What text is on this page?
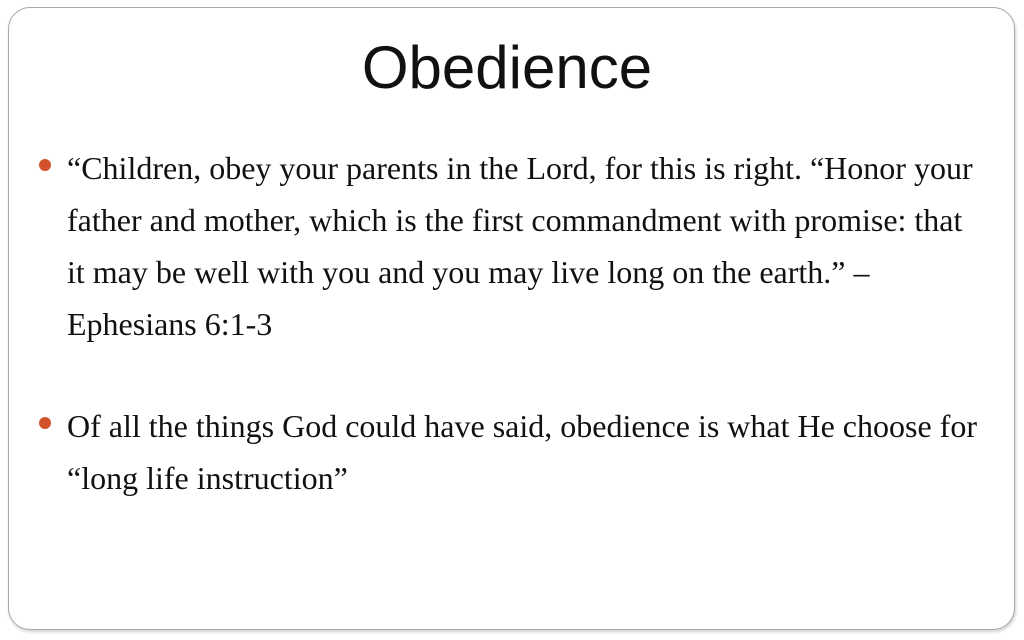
Obedience
“Children, obey your parents in the Lord, for this is right. “Honor your father and mother, which is the first commandment with promise: that it may be well with you and you may live long on the earth.” –Ephesians 6:1-3
Of all the things God could have said, obedience is what He choose for “long life instruction”
